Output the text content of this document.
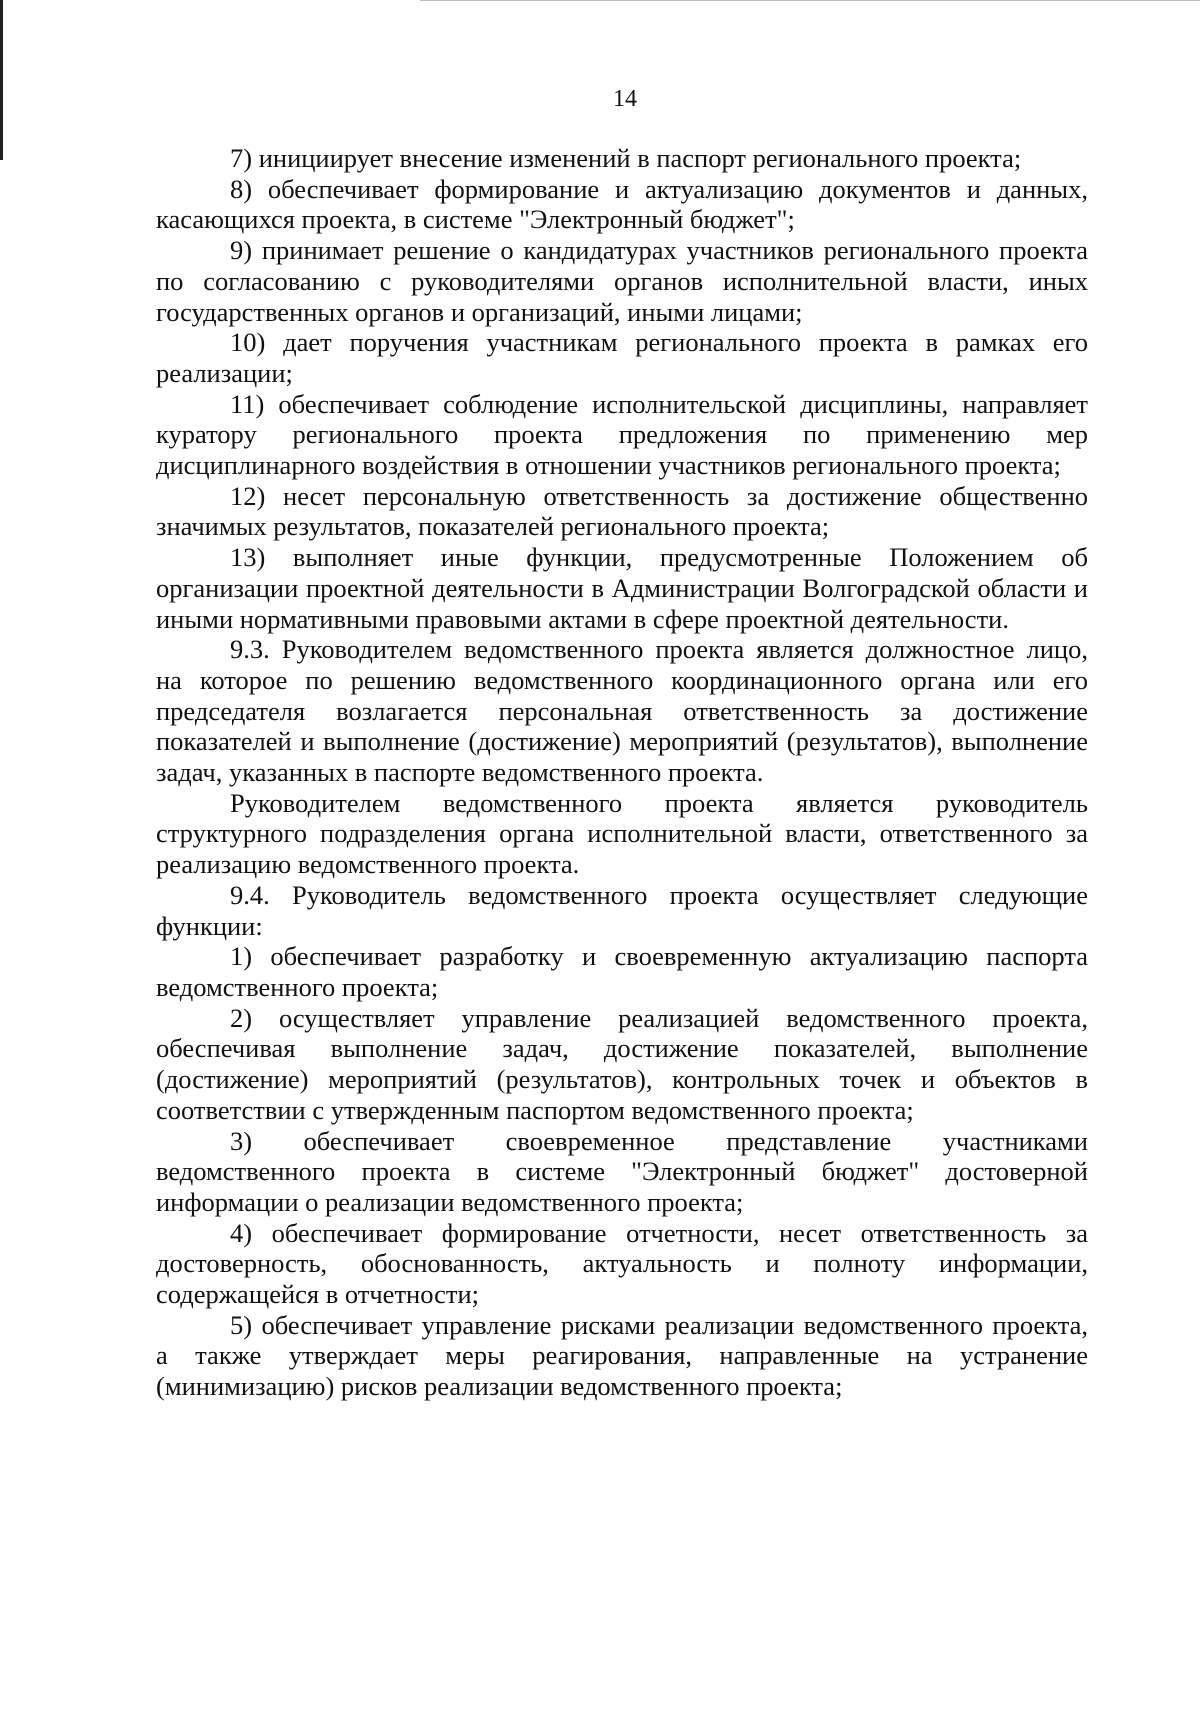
14

7) инициирует внесение изменений в паспорт регионального проекта;

8) обеспечивает формирование и актуализацию документов и данных, касающихся проекта, в системе "Электронный бюджет";

9) принимает решение о кандидатурах участников регионального проекта по согласованию с руководителями органов исполнительной власти, иных государственных органов и организаций, иными лицами;

10) дает поручения участникам регионального проекта в рамках его реализации;

11) обеспечивает соблюдение исполнительской дисциплины, направляет куратору регионального проекта предложения по применению мер дисциплинарного воздействия в отношении участников регионального проекта;

12) несет персональную ответственность за достижение общественно значимых результатов, показателей регионального проекта;

13) выполняет иные функции, предусмотренные Положением об организации проектной деятельности в Администрации Волгоградской области и иными нормативными правовыми актами в сфере проектной деятельности.

9.3. Руководителем ведомственного проекта является должностное лицо, на которое по решению ведомственного координационного органа или его председателя возлагается персональная ответственность за достижение показателей и выполнение (достижение) мероприятий (результатов), выполнение задач, указанных в паспорте ведомственного проекта.

Руководителем ведомственного проекта является руководитель структурного подразделения органа исполнительной власти, ответственного за реализацию ведомственного проекта.

9.4. Руководитель ведомственного проекта осуществляет следующие функции:

1) обеспечивает разработку и своевременную актуализацию паспорта ведомственного проекта;

2) осуществляет управление реализацией ведомственного проекта, обеспечивая выполнение задач, достижение показателей, выполнение (достижение) мероприятий (результатов), контрольных точек и объектов в соответствии с утвержденным паспортом ведомственного проекта;

3) обеспечивает своевременное представление участниками ведомственного проекта в системе "Электронный бюджет" достоверной информации о реализации ведомственного проекта;

4) обеспечивает формирование отчетности, несет ответственность за достоверность, обоснованность, актуальность и полноту информации, содержащейся в отчетности;

5) обеспечивает управление рисками реализации ведомственного проекта, а также утверждает меры реагирования, направленные на устранение (минимизацию) рисков реализации ведомственного проекта;
